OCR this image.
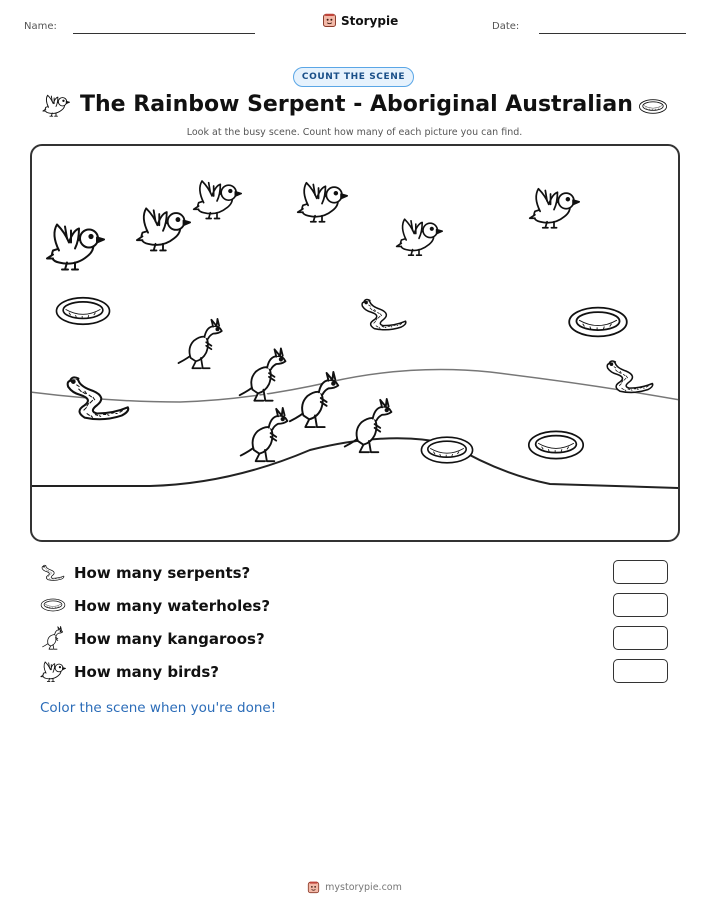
Name:	Storypie	Date:
COUNT THE SCENE
The Rainbow Serpent - Aboriginal Australian
Look at the busy scene. Count how many of each picture you can find.
How many serpents?
How many waterholes?
How many kangaroos?
How many birds?
Color the scene when you're done!
mystorypie.com
